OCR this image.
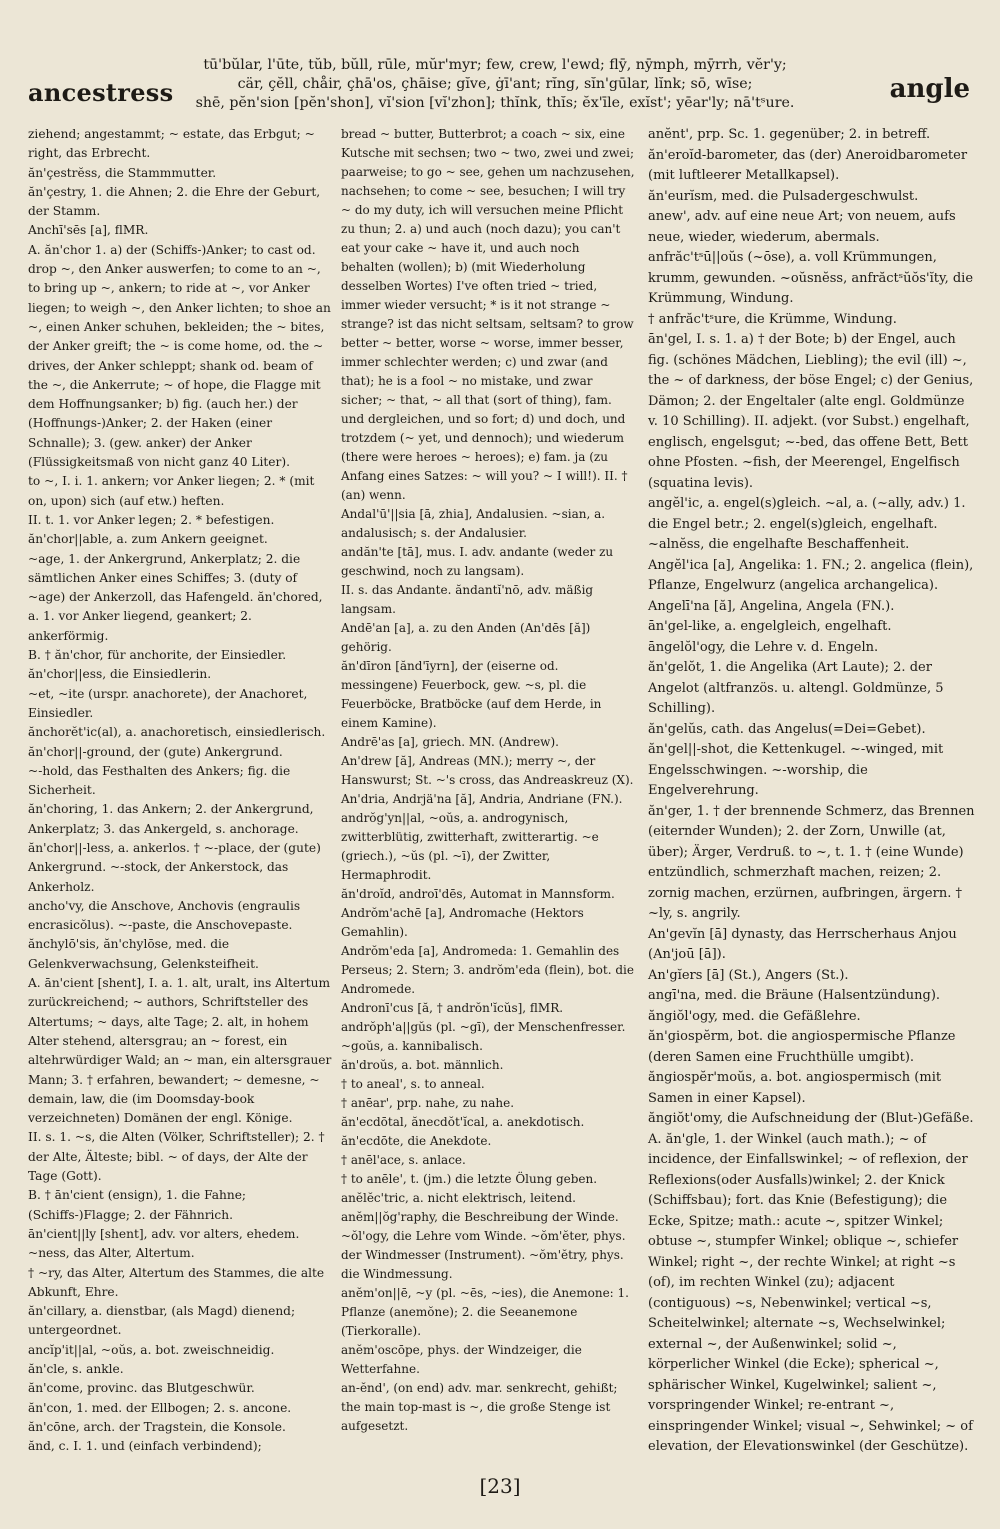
ancestress
tū'bŭlar, l'ūte, tŭb, bŭll, rūle, mŭr'myr; few, crew, l'ewd; flȳ, nȳmph, mȳrrh, vĕr'y;
cär, çĕll, chåir, çhā'os, çhāise; gĭve, ġī'ant; rĭng, sĭn'gūlar, lĭnk; sō, wīse;
shē, pĕn'sion [pĕn'shon], vĭ'sion [vĭ'zhon]; thĭnk, thĭs; ĕx'īle, exĭst'; yēar'ly; nā'tˢure.	angle

ziehend; angestammt; ~ estate, das Erbgut; ~ right, das Erbrecht.

ăn'çestrĕss, die Stammmutter.

ăn'çestry, 1. die Ahnen; 2. die Ehre der Geburt, der Stamm.

Anchī'sēs [a], flMR.

A. ăn'chor 1. a) der (Schiffs-)Anker; to cast od. drop ~, den Anker auswerfen; to come to an ~, to bring up ~, ankern; to ride at ~, vor Anker liegen; to weigh ~, den Anker lichten; to shoe an ~, einen Anker schuhen, bekleiden; the ~ bites, der Anker greift; the ~ is come home, od. the ~ drives, der Anker schleppt; shank od. beam of the ~, die Ankerrute; ~ of hope, die Flagge mit dem Hoffnungsanker; b) fig. (auch her.) der (Hoffnungs-)Anker; 2. der Haken (einer Schnalle); 3. (gew. anker) der Anker (Flüssigkeitsmaß von nicht ganz 40 Liter).

to ~, I. i. 1. ankern; vor Anker liegen; 2. * (mit on, upon) sich (auf etw.) heften.

II. t. 1. vor Anker legen; 2. * befestigen.

ăn'chor||able, a. zum Ankern geeignet.

~age, 1. der Ankergrund, Ankerplatz; 2. die sämtlichen Anker eines Schiffes; 3. (duty of ~age) der Ankerzoll, das Hafengeld. ăn'chored, a. 1. vor Anker liegend, geankert; 2. ankerförmig.

B. † ăn'chor, für anchorite, der Einsiedler. ăn'chor||ess, die Einsiedlerin.

~et, ~ite (urspr. anachorete), der Anachoret, Einsiedler.

ănchorĕt'ic(al), a. anachoretisch, einsiedlerisch.

ăn'chor||-ground, der (gute) Ankergrund.

~-hold, das Festhalten des Ankers; fig. die Sicherheit.

ăn'choring, 1. das Ankern; 2. der Ankergrund, Ankerplatz; 3. das Ankergeld, s. anchorage.

ăn'chor||-less, a. ankerlos. † ~-place, der (gute) Ankergrund. ~-stock, der Ankerstock, das Ankerholz.

ancho'vy, die Anschove, Anchovis (engraulis encrasicŏlus). ~-paste, die Anschovepaste.

ănchylō'sis, ăn'chylōse, med. die Gelenkverwachsung, Gelenksteifheit.

A. ān'cient [shent], I. a. 1. alt, uralt, ins Altertum zurückreichend; ~ authors, Schriftsteller des Altertums; ~ days, alte Tage; 2. alt, in hohem Alter stehend, altersgrau; an ~ forest, ein altehrwürdiger Wald; an ~ man, ein altersgrauer Mann; 3. † erfahren, bewandert; ~ demesne, ~ demain, law, die (im Doomsday-book verzeichneten) Domänen der engl. Könige.

II. s. 1. ~s, die Alten (Völker, Schriftsteller); 2. † der Alte, Älteste; bibl. ~ of days, der Alte der Tage (Gott).

B. † ān'cient (ensign), 1. die Fahne; (Schiffs-)Flagge; 2. der Fähnrich.

ān'cient||ly [shent], adv. vor alters, ehedem. ~ness, das Alter, Altertum.

† ~ry, das Alter, Altertum des Stammes, die alte Abkunft, Ehre.

ăn'cillary, a. dienstbar, (als Magd) dienend; untergeordnet.

ancĭp'it||al, ~oŭs, a. bot. zweischneidig.

ăn'cle, s. ankle.

ăn'come, provinc. das Blutgeschwür.

ăn'con, 1. med. der Ellbogen; 2. s. ancone.

ăn'cōne, arch. der Tragstein, die Konsole.

ănd, c. I. 1. und (einfach verbindend);

bread ~ butter, Butterbrot; a coach ~ six, eine Kutsche mit sechsen; two ~ two, zwei und zwei; paarweise; to go ~ see, gehen um nachzusehen, nachsehen; to come ~ see, besuchen; I will try ~ do my duty, ich will versuchen meine Pflicht zu thun; 2. a) und auch (noch dazu); you can't eat your cake ~ have it, und auch noch behalten (wollen); b) (mit Wiederholung desselben Wortes) I've often tried ~ tried, immer wieder versucht; * is it not strange ~ strange? ist das nicht seltsam, seltsam? to grow better ~ better, worse ~ worse, immer besser, immer schlechter werden; c) und zwar (and that); he is a fool ~ no mistake, und zwar sicher; ~ that, ~ all that (sort of thing), fam. und dergleichen, und so fort; d) und doch, und trotzdem (~ yet, und dennoch); und wiederum (there were heroes ~ heroes); e) fam. ja (zu Anfang eines Satzes: ~ will you? ~ I will!). II. † (an) wenn.

Andal'ū'||sia [ā, zhia], Andalusien. ~sian, a. andalusisch; s. der Andalusier.

andăn'te [tā], mus. I. adv. andante (weder zu geschwind, noch zu langsam).

II. s. das Andante. ăndantĭ'nō, adv. mäßig langsam.

Andē'an [a], a. zu den Anden (An'dēs [ă]) gehörig.

ăn'dīron [ănd'īyrn], der (eiserne od. messingene) Feuerbock, gew. ~s, pl. die Feuerböcke, Bratböcke (auf dem Herde, in einem Kamine).

Andrē'as [a], griech. MN. (Andrew).

An'drew [ă], Andreas (MN.); merry ~, der Hanswurst; St. ~'s cross, das Andreaskreuz (X).

An'dria, Andrjä'na [ă], Andria, Andriane (FN.).

andrŏg'yn||al, ~oŭs, a. androgynisch, zwitterblütig, zwitterhaft, zwitterartig. ~e (griech.), ~ŭs (pl. ~ī), der Zwitter, Hermaphrodit.

ăn'droĭd, androī'dēs, Automat in Mannsform.

Andrŏm'achē [a], Andromache (Hektors Gemahlin).

Andrŏm'eda [a], Andromeda: 1. Gemahlin des Perseus; 2. Stern; 3. andrŏm'eda (flein), bot. die Andromede.

Andronī'cus [ă, † andrŏn'ĭcŭs], flMR.

andrŏph'a||gŭs (pl. ~gī), der Menschenfresser. ~goŭs, a. kannibalisch.

ăn'droŭs, a. bot. männlich.

† to aneal', s. to anneal.

† anēar', prp. nahe, zu nahe.

ăn'ecdōtal, ănecdŏt'ĭcal, a. anekdotisch.

ăn'ecdōte, die Anekdote.

† anēl'ace, s. anlace.

† to anēle', t. (jm.) die letzte Ölung geben.

anĕlĕc'tric, a. nicht elektrisch, leitend.

anĕm||ŏg'raphy, die Beschreibung der Winde. ~ŏl'ogy, die Lehre vom Winde. ~ŏm'ĕter, phys. der Windmesser (Instrument). ~ŏm'ĕtry, phys. die Windmessung.

anĕm'on||ē, ~y (pl. ~ēs, ~ies), die Anemone: 1. Pflanze (anemŏne); 2. die Seeanemone (Tierkoralle).

anĕm'oscōpe, phys. der Windzeiger, die Wetterfahne.

an-ĕnd', (on end) adv. mar. senkrecht, gehißt; the main top-mast is ~, die große Stenge ist aufgesetzt.

anĕnt', prp. Sc. 1. gegenüber; 2. in betreff.

ăn'eroĭd-barometer, das (der) Aneroidbarometer (mit luftleerer Metallkapsel).

ăn'eurĭsm, med. die Pulsadergeschwulst.

anew', adv. auf eine neue Art; von neuem, aufs neue, wieder, wiederum, abermals.

anfrăc'tˢū||oŭs (~ōse), a. voll Krümmungen, krumm, gewunden. ~oŭsnĕss, anfrăctˢŭŏs'ĭty, die Krümmung, Windung.

† anfrăc'tˢure, die Krümme, Windung.

ān'gel, I. s. 1. a) † der Bote; b) der Engel, auch fig. (schönes Mädchen, Liebling); the evil (ill) ~, the ~ of darkness, der böse Engel; c) der Genius, Dämon; 2. der Engeltaler (alte engl. Goldmünze v. 10 Schilling). II. adjekt. (vor Subst.) engelhaft, englisch, engelsgut; ~-bed, das offene Bett, Bett ohne Pfosten. ~fish, der Meerengel, Engelfisch (squatina levis).

angĕl'ic, a. engel(s)gleich. ~al, a. (~ally, adv.) 1. die Engel betr.; 2. engel(s)gleich, engelhaft. ~alnĕss, die engelhafte Beschaffenheit.

Angĕl'ica [a], Angelika: 1. FN.; 2. angelica (flein), Pflanze, Engelwurz (angelica archangelica).

Angelī'na [ă], Angelina, Angela (FN.).

ān'gel-like, a. engelgleich, engelhaft.

āngelŏl'ogy, die Lehre v. d. Engeln.

ăn'gelŏt, 1. die Angelika (Art Laute); 2. der Angelot (altfranzös. u. altengl. Goldmünze, 5 Schilling).

ăn'gelŭs, cath. das Angelus(=Dei=Gebet).

ăn'gel||-shot, die Kettenkugel. ~-winged, mit Engelsschwingen. ~-worship, die Engelverehrung.

ăn'ger, 1. † der brennende Schmerz, das Brennen (eiternder Wunden); 2. der Zorn, Unwille (at, über); Ärger, Verdruß. to ~, t. 1. † (eine Wunde) entzündlich, schmerzhaft machen, reizen; 2. zornig machen, erzürnen, aufbringen, ärgern. † ~ly, s. angrily.

An'gevĭn [ā] dynasty, das Herrscherhaus Anjou (An'joū [ā]).

An'gĭers [ā] (St.), Angers (St.).

angī'na, med. die Bräune (Halsentzündung).

ăngiŏl'ogy, med. die Gefäßlehre.

ăn'giospĕrm, bot. die angiospermische Pflanze (deren Samen eine Fruchthülle umgibt).

ăngiospĕr'moŭs, a. bot. angiospermisch (mit Samen in einer Kapsel).

ăngiŏt'omy, die Aufschneidung der (Blut-)Gefäße.

A. ăn'gle, 1. der Winkel (auch math.); ~ of incidence, der Einfallswinkel; ~ of reflexion, der Reflexions(oder Ausfalls)winkel; 2. der Knick (Schiffsbau); fort. das Knie (Befestigung); die Ecke, Spitze; math.: acute ~, spitzer Winkel; obtuse ~, stumpfer Winkel; oblique ~, schiefer Winkel; right ~, der rechte Winkel; at right ~s (of), im rechten Winkel (zu); adjacent (contiguous) ~s, Nebenwinkel; vertical ~s, Scheitelwinkel; alternate ~s, Wechselwinkel; external ~, der Außenwinkel; solid ~, körperlicher Winkel (die Ecke); spherical ~, sphärischer Winkel, Kugelwinkel; salient ~, vorspringender Winkel; re-entrant ~, einspringender Winkel; visual ~, Sehwinkel; ~ of elevation, der Elevationswinkel (der Geschütze).

[23]
